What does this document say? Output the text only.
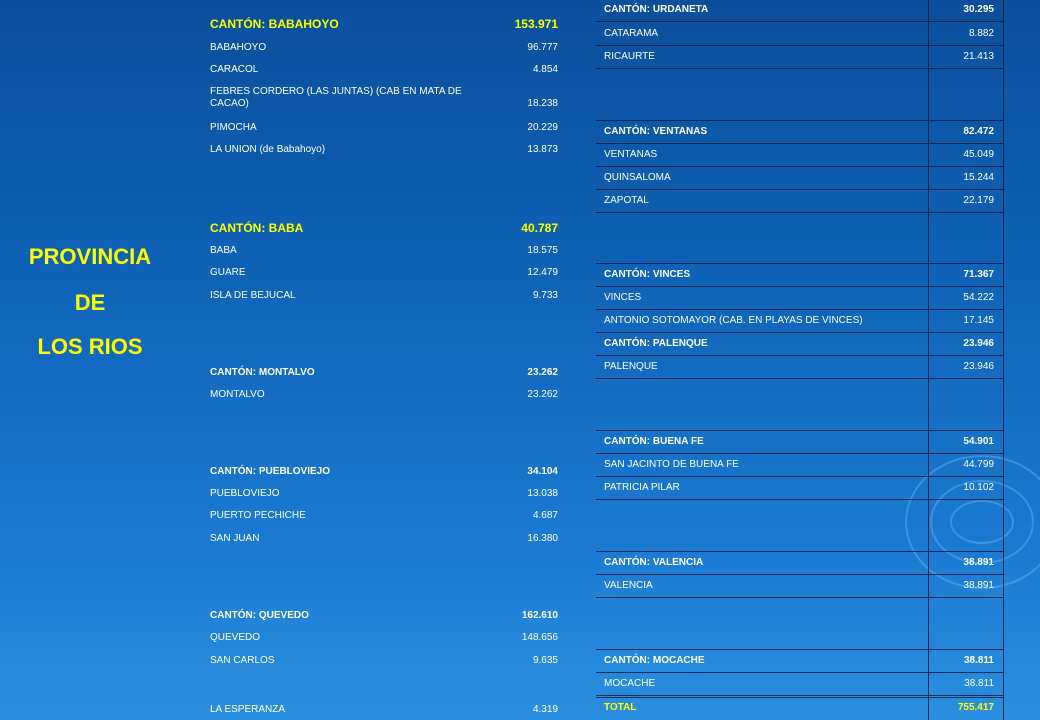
PROVINCIA
DE
LOS RIOS
CANTÓN: BABAHOYO	153.971
BABAHOYO	96.777
CARACOL	4.854
FEBRES CORDERO (LAS JUNTAS) (CAB EN MATA DE
CACAO)	18.238
PIMOCHA	20.229
LA UNION (de Babahoyo)	13.873
CANTÓN: BABA	40.787
BABA	18.575
GUARE	12.479
ISLA DE BEJUCAL	9.733
CANTÓN: MONTALVO	23.262
MONTALVO	23.262
CANTÓN: PUEBLOVIEJO	34.104
PUEBLOVIEJO	13.038
PUERTO PECHICHE	4.687
SAN JUAN	16.380
CANTÓN: QUEVEDO	162.610
QUEVEDO	148.656
SAN CARLOS	9.635
LA ESPERANZA	4.319
CANTÓN: URDANETA	30.295
CATARAMA	8.882
RICAURTE	21.413
CANTÓN: VENTANAS	82.472
VENTANAS	45.049
QUINSALOMA	15.244
ZAPOTAL	22.179
CANTÓN: VINCES	71.367
VINCES	54.222
ANTONIO SOTOMAYOR (CAB. EN PLAYAS DE VINCES)	17.145
CANTÓN: PALENQUE	23.946
PALENQUE	23.946
CANTÓN: BUENA FE	54.901
SAN JACINTO DE BUENA FE	44.799
PATRICIA PILAR	10.102
CANTÓN: VALENCIA	38.891
VALENCIA	38.891
CANTÓN: MOCACHE	38.811
MOCACHE	38.811
TOTAL	755.417
